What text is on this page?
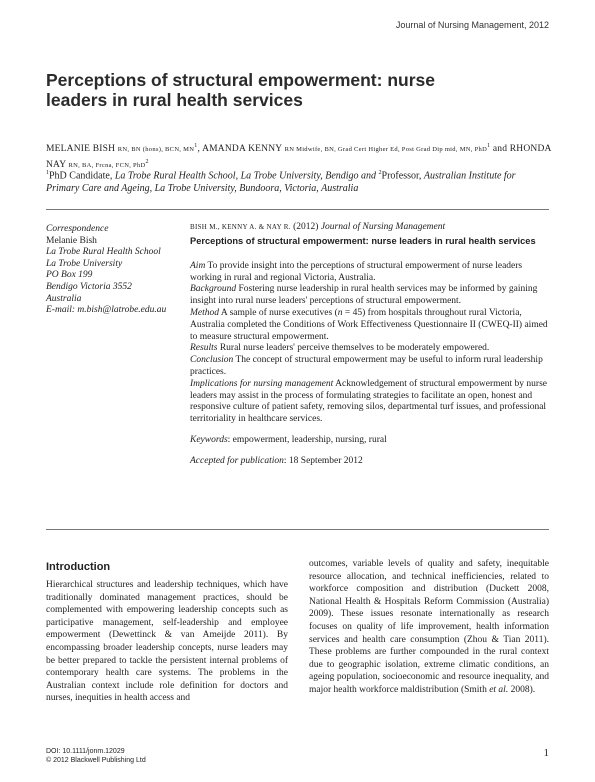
Journal of Nursing Management, 2012
Perceptions of structural empowerment: nurse leaders in rural health services
MELANIE BISH RN, BN (hons), BCN, $MN^1$, AMANDA KENNY RN Midwife, BN, Grad Cert Higher Ed, Post Grad Dip mid, MN, PhD$^1$ and RHONDA NAY RN, BA, Frcna, FCN, PhD$^2$
$^1$PhD Candidate, La Trobe Rural Health School, La Trobe University, Bendigo and $^2$Professor, Australian Institute for Primary Care and Ageing, La Trobe University, Bundoora, Victoria, Australia
Correspondence
Melanie Bish
La Trobe Rural Health School
La Trobe University
PO Box 199
Bendigo Victoria 3552
Australia
E-mail: m.bish@latrobe.edu.au
BISH M., KENNY A. & NAY R. (2012) Journal of Nursing Management
Perceptions of structural empowerment: nurse leaders in rural health services
Aim To provide insight into the perceptions of structural empowerment of nurse leaders working in rural and regional Victoria, Australia.
Background Fostering nurse leadership in rural health services may be informed by gaining insight into rural nurse leaders' perceptions of structural empowerment.
Method A sample of nurse executives (n = 45) from hospitals throughout rural Victoria, Australia completed the Conditions of Work Effectiveness Questionnaire II (CWEQ-II) aimed to measure structural empowerment.
Results Rural nurse leaders' perceive themselves to be moderately empowered.
Conclusion The concept of structural empowerment may be useful to inform rural leadership practices.
Implications for nursing management Acknowledgement of structural empowerment by nurse leaders may assist in the process of formulating strategies to facilitate an open, honest and responsive culture of patient safety, removing silos, departmental turf issues, and professional territoriality in healthcare services.
Keywords: empowerment, leadership, nursing, rural
Accepted for publication: 18 September 2012
Introduction
Hierarchical structures and leadership techniques, which have traditionally dominated management practices, should be complemented with empowering leadership concepts such as participative management, self-leadership and employee empowerment (Dewettinck & van Ameijde 2011). By encompassing broader leadership concepts, nurse leaders may be better prepared to tackle the persistent internal problems of contemporary health care systems. The problems in the Australian context include role definition for doctors and nurses, inequities in health access and
outcomes, variable levels of quality and safety, inequitable resource allocation, and technical inefficiencies, related to workforce composition and distribution (Duckett 2008, National Health & Hospitals Reform Commission (Australia) 2009). These issues resonate internationally as research focuses on quality of life improvement, health information services and health care consumption (Zhou & Tian 2011). These problems are further compounded in the rural context due to geographic isolation, extreme climatic conditions, an ageing population, socioeconomic and resource inequality, and major health workforce maldistribution (Smith et al. 2008).
DOI: 10.1111/jonm.12029
© 2012 Blackwell Publishing Ltd
1
